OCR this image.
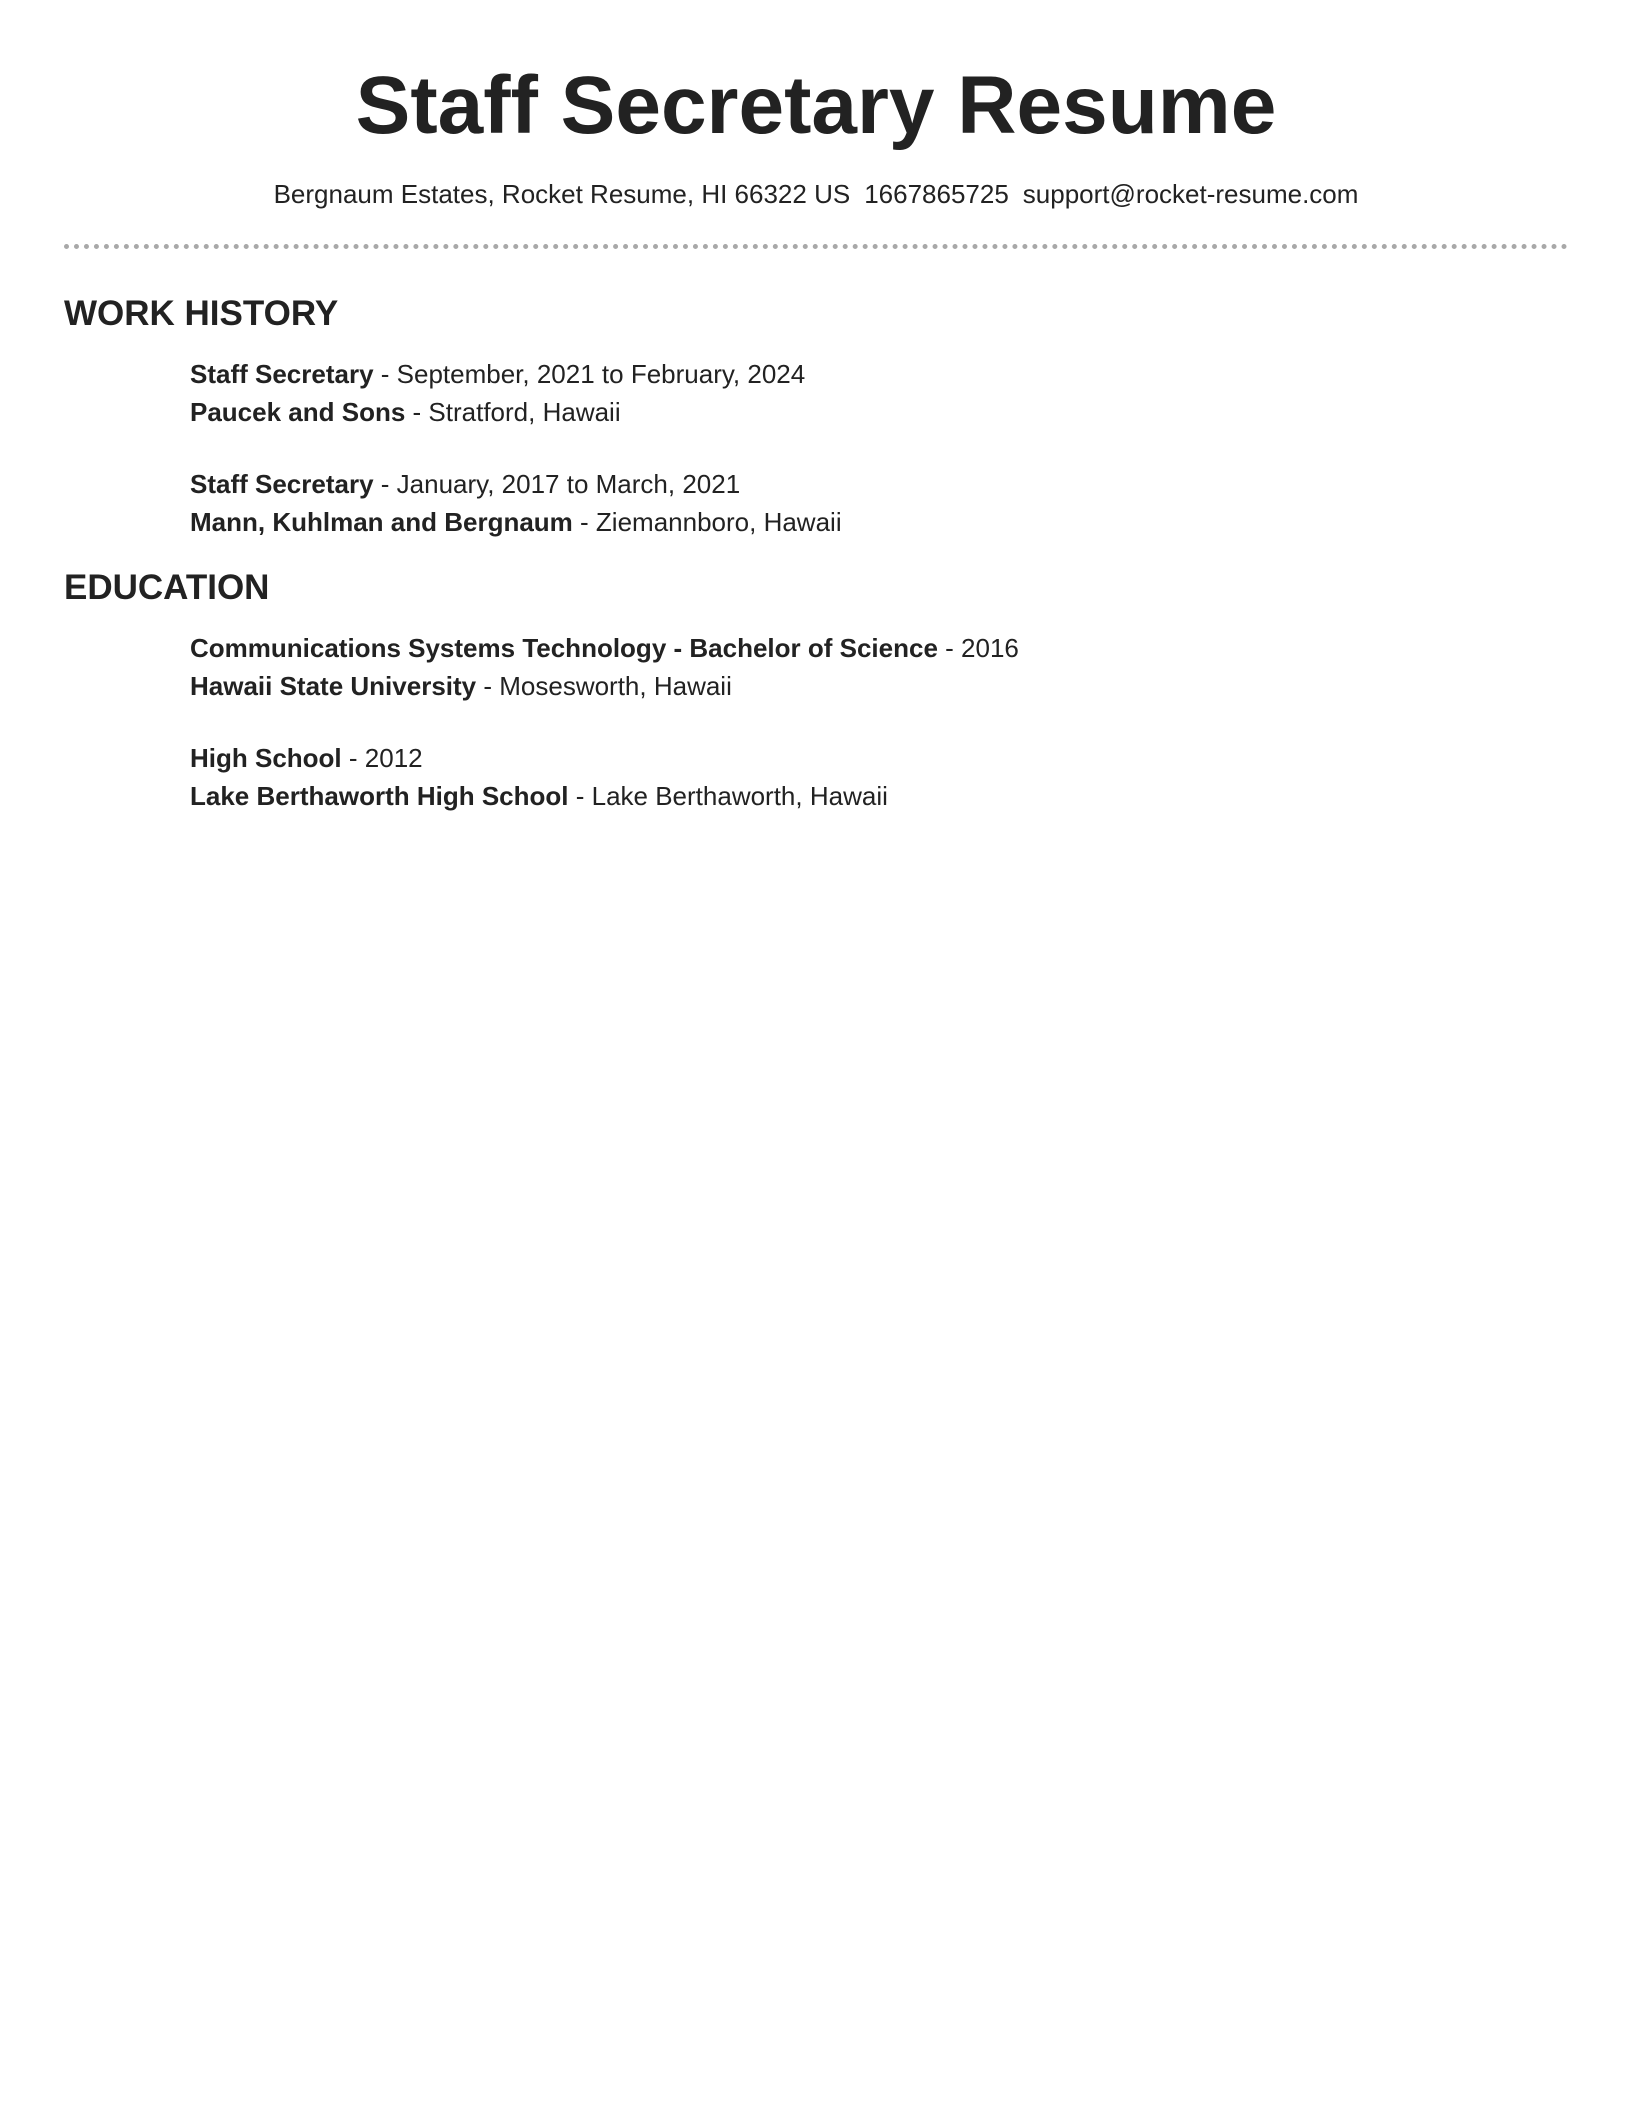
Staff Secretary Resume
Bergnaum Estates, Rocket Resume, HI 66322 US 1667865725 support@rocket-resume.com
WORK HISTORY
Staff Secretary - September, 2021 to February, 2024
Paucek and Sons - Stratford, Hawaii
Staff Secretary - January, 2017 to March, 2021
Mann, Kuhlman and Bergnaum - Ziemannboro, Hawaii
EDUCATION
Communications Systems Technology - Bachelor of Science - 2016
Hawaii State University - Mosesworth, Hawaii
High School - 2012
Lake Berthaworth High School - Lake Berthaworth, Hawaii
